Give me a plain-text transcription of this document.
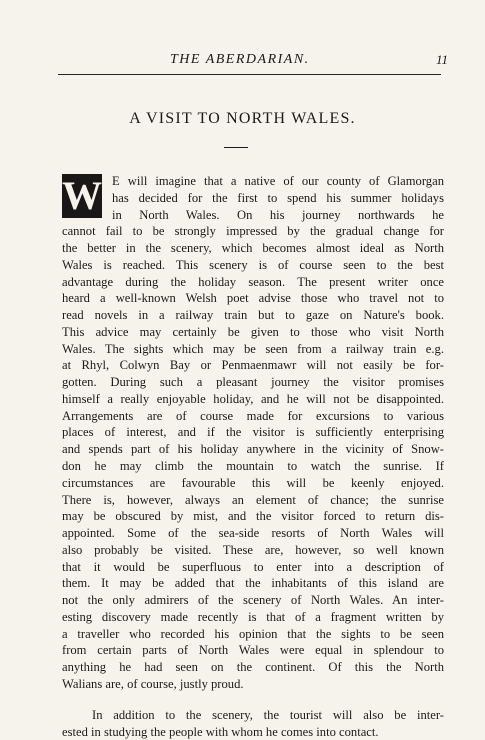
THE ABERDARIAN.	11
A VISIT TO NORTH WALES.
W E will imagine that a native of our county of Glamorgan
has decided for the first to spend his summer holidays
in North Wales. On his journey northwards he
cannot fail to be strongly impressed by the gradual change for
the better in the scenery, which becomes almost ideal as North
Wales is reached. This scenery is of course seen to the best
advantage during the holiday season. The present writer once
heard a well-known Welsh poet advise those who travel not to
read novels in a railway train but to gaze on Nature's book.
This advice may certainly be given to those who visit North
Wales. The sights which may be seen from a railway train e.g.
at Rhyl, Colwyn Bay or Penmaenmawr will not easily be for-
gotten. During such a pleasant journey the visitor promises
himself a really enjoyable holiday, and he will not be disappointed.
Arrangements are of course made for excursions to various
places of interest, and if the visitor is sufficiently enterprising
and spends part of his holiday anywhere in the vicinity of Snow-
don he may climb the mountain to watch the sunrise. If
circumstances are favourable this will be keenly enjoyed.
There is, however, always an element of chance; the sunrise
may be obscured by mist, and the visitor forced to return dis-
appointed. Some of the sea-side resorts of North Wales will
also probably be visited. These are, however, so well known
that it would be superfluous to enter into a description of
them. It may be added that the inhabitants of this island are
not the only admirers of the scenery of North Wales. An inter-
esting discovery made recently is that of a fragment written by
a traveller who recorded his opinion that the sights to be seen
from certain parts of North Wales were equal in splendour to
anything he had seen on the continent. Of this the North
Walians are, of course, justly proud.
In addition to the scenery, the tourist will also be inter-
ested in studying the people with whom he comes into contact.
